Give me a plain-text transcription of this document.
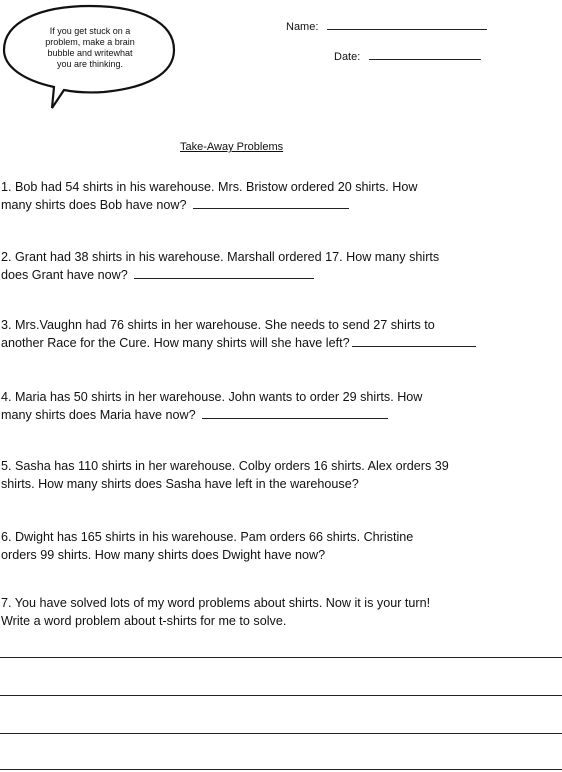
If you get stuck on a
problem, make a brain
bubble and writewhat
you are thinking.
Name:
Date:
Take-Away Problems
1. Bob had 54 shirts in his warehouse. Mrs. Bristow ordered 20 shirts. How
many shirts does Bob have now?
2. Grant had 38 shirts in his warehouse. Marshall ordered 17. How many shirts
does Grant have now?
3. Mrs.Vaughn had 76 shirts in her warehouse. She needs to send 27 shirts to
another Race for the Cure. How many shirts will she have left?
4. Maria has 50 shirts in her warehouse. John wants to order 29 shirts. How
many shirts does Maria have now?
5. Sasha has 110 shirts in her warehouse. Colby orders 16 shirts. Alex orders 39
shirts. How many shirts does Sasha have left in the warehouse?
6. Dwight has 165 shirts in his warehouse. Pam orders 66 shirts. Christine
orders 99 shirts. How many shirts does Dwight have now?
7. You have solved lots of my word problems about shirts. Now it is your turn!
Write a word problem about t-shirts for me to solve.
